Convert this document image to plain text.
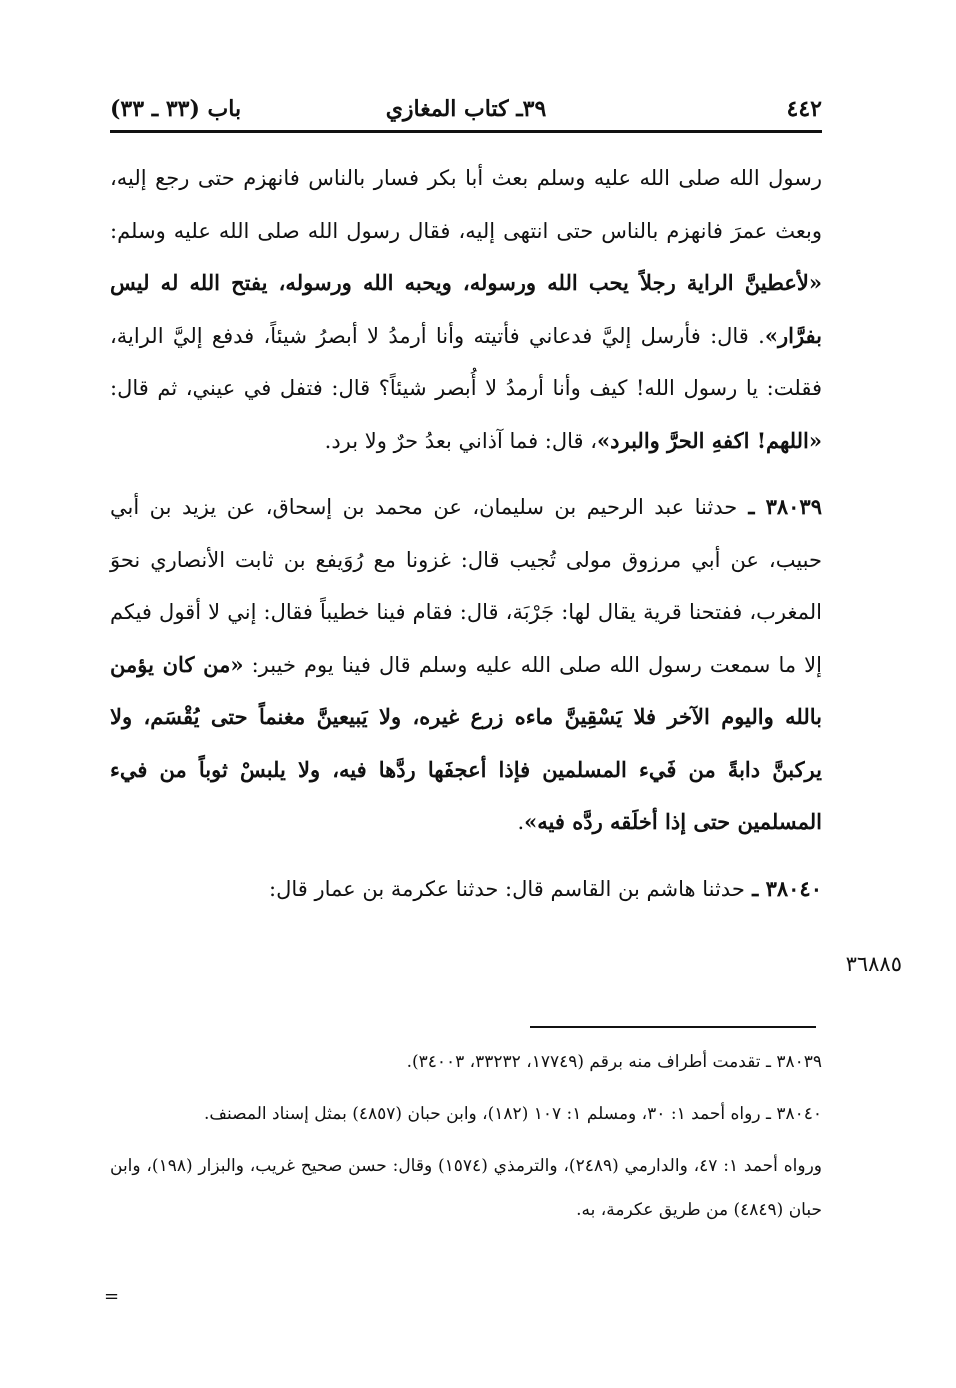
٤٤٢
٣٩ـ كتاب المغازي
باب (٣٣ ـ ٣٣)

رسول الله صلى الله عليه وسلم بعث أبا بكر فسار بالناس فانهزم حتى رجع إليه، وبعث عمرَ فانهزم بالناس حتى انتهى إليه، فقال رسول الله صلى الله عليه وسلم: «لأعطينَّ الراية رجلاً يحب الله ورسوله، ويحبه الله ورسوله، يفتح الله له ليس بفرَّار». قال: فأرسل إليَّ فدعاني فأتيته وأنا أرمدُ لا أبصرُ شيئاً، فدفع إليَّ الراية، فقلت: يا رسول الله! كيف وأنا أرمدُ لا أُبصر شيئاً؟ قال: فتفل في عيني، ثم قال: «اللهم! اكفهِ الحرَّ والبرد»، قال: فما آذاني بعدُ حرٌ ولا برد.

٣٨٠٣٩ ـ حدثنا عبد الرحيم بن سليمان، عن محمد بن إسحاق، عن يزيد بن أبي حبيب، عن أبي مرزوق مولى تُجيب قال: غزونا مع رُوَيفع بن ثابت الأنصاري نحوَ المغرب، ففتحنا قرية يقال لها: جَرْبَة، قال: فقام فينا خطيباً فقال: إني لا أقول فيكم إلا ما سمعت رسول الله صلى الله عليه وسلم قال فينا يوم خيبر: «من كان يؤمن بالله واليوم الآخر فلا يَسْقِينَّ ماءه زرع غيره، ولا يَبيعينَّ مغنماً حتى يُقْسَم، ولا يركبنَّ دابةً من فَيء المسلمين فإذا أعجفَها ردَّها فيه، ولا يلبسْ ثوباً من فيء المسلمين حتى إذا أخلَقه ردَّه فيه».

٣٨٠٤٠ ـ حدثنا هاشم بن القاسم قال: حدثنا عكرمة بن عمار قال:

٣٦٨٨٥

٣٨٠٣٩ ـ تقدمت أطراف منه برقم (١٧٧٤٩، ٣٣٢٣٢، ٣٤٠٠٣).

٣٨٠٤٠ ـ رواه أحمد ١: ٣٠، ومسلم ١: ١٠٧ (١٨٢)، وابن حبان (٤٨٥٧) بمثل إسناد المصنف.

ورواه أحمد ١: ٤٧، والدارمي (٢٤٨٩)، والترمذي (١٥٧٤) وقال: حسن صحيح غريب، والبزار (١٩٨)، وابن حبان (٤٨٤٩) من طريق عكرمة، به.

=
